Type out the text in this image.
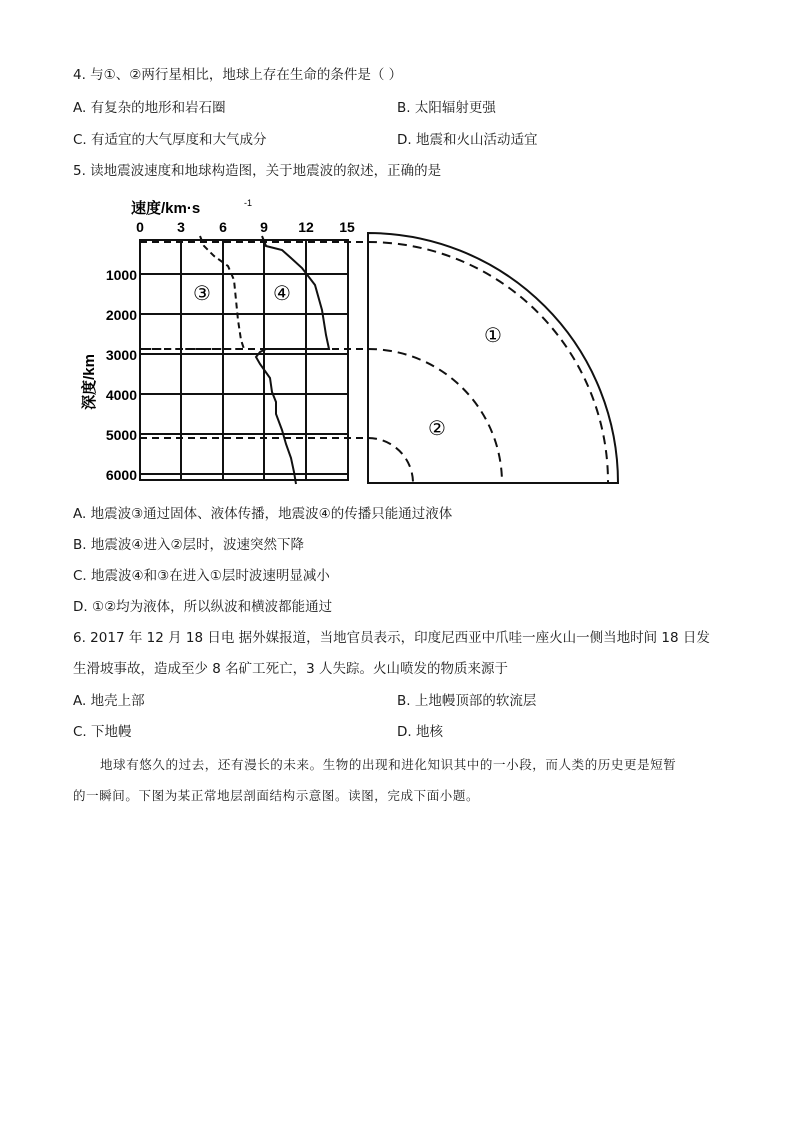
4. 与①、②两行星相比，地球上存在生命的条件是（ ）
A. 有复杂的地形和岩石圈	B. 太阳辐射更强
C. 有适宜的大气厚度和大气成分	D. 地震和火山活动适宜
5. 读地震波速度和地球构造图，关于地震波的叙述，正确的是
速度/km·s	-1
0 3 6 9 12 15
1000
2000
3000
4000
5000
6000
深度/km
③	④
①
②
A. 地震波③通过固体、液体传播，地震波④的传播只能通过液体
B. 地震波④进入②层时，波速突然下降
C. 地震波④和③在进入①层时波速明显减小
D. ①②均为液体，所以纵波和横波都能通过
6. 2017 年 12 月 18 日电 据外媒报道，当地官员表示，印度尼西亚中爪哇一座火山一侧当地时间 18 日发
生滑坡事故，造成至少 8 名矿工死亡，3 人失踪。火山喷发的物质来源于
A. 地壳上部	B. 上地幔顶部的软流层
C. 下地幔	D. 地核
地球有悠久的过去，还有漫长的未来。生物的出现和进化知识其中的一小段，而人类的历史更是短暂
的一瞬间。下图为某正常地层剖面结构示意图。读图，完成下面小题。
